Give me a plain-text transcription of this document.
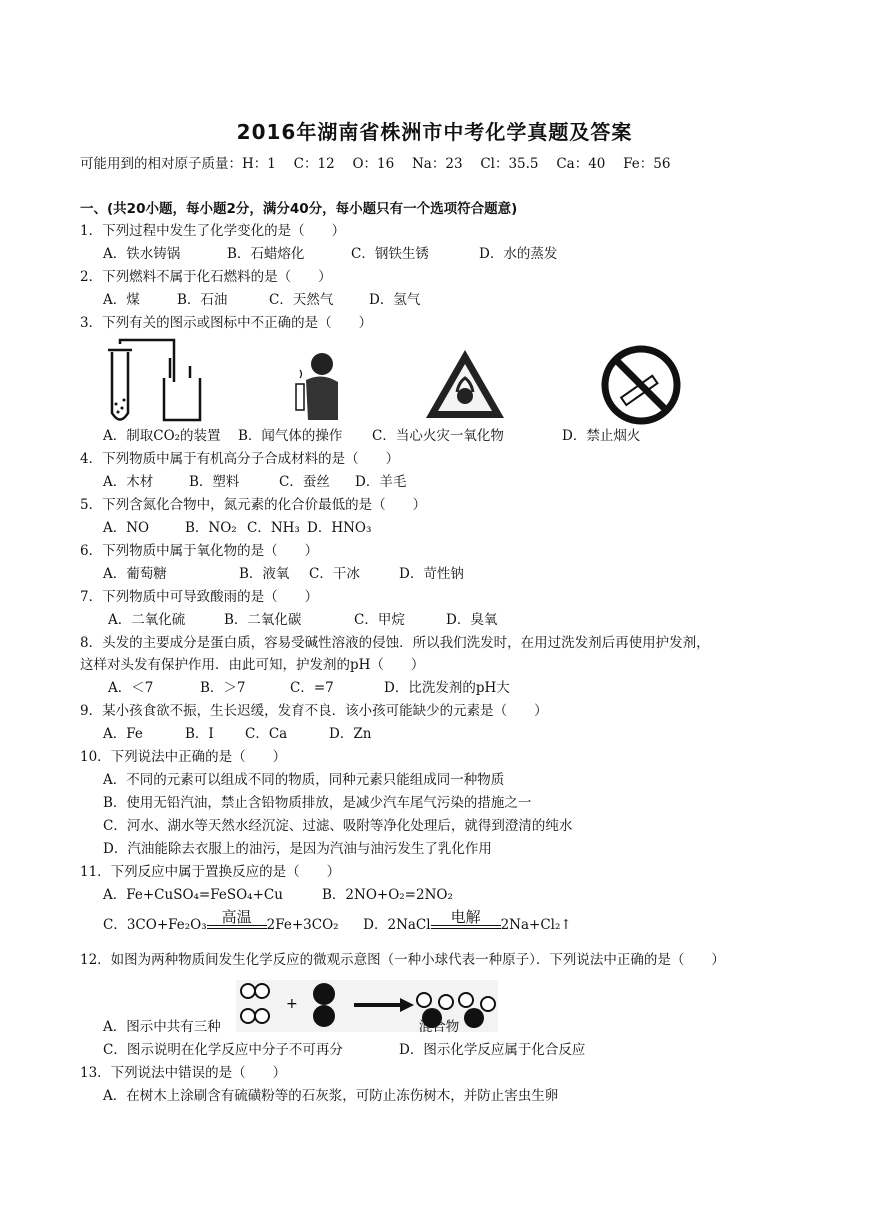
2016年湖南省株洲市中考化学真题及答案
可能用到的相对原子质量：H：1　 C：12　 O：16　 Na：23　 Cl：35.5　 Ca：40　 Fe：56
一、(共20小题，每小题2分，满分40分，每小题只有一个选项符合题意)
1．下列过程中发生了化学变化的是（　　）
A．铁水铸锅	B．石蜡熔化	C．钢铁生锈	D．水的蒸发
2．下列燃料不属于化石燃料的是（　　）
A．煤	B．石油	C．天然气	D．氢气
3．下列有关的图示或图标中不正确的是（　　）
A．制取CO₂的装置 B．闻气体的操作 C．当心火灾一氧化物	D．禁止烟火
4．下列物质中属于有机高分子合成材料的是（　　）
A．木材	B．塑料	C．蚕丝 D．羊毛
5．下列含氮化合物中，氮元素的化合价最低的是（　　）
A．NO	B．NO₂ C．NH₃ D．HNO₃
6．下列物质中属于氧化物的是（　　）
A．葡萄糖	B．液氧 C．干冰	D．苛性钠
7．下列物质中可导致酸雨的是（　　）
A．二氧化硫	B．二氧化碳	C．甲烷	D．臭氧
8．头发的主要成分是蛋白质，容易受碱性溶液的侵蚀．所以我们洗发时，在用过洗发剂后再使用护发剂，
这样对头发有保护作用．由此可知，护发剂的pH（　　）
A．＜7	B．＞7	C．=7	D．比洗发剂的pH大
9．某小孩食欲不振，生长迟缓，发育不良．该小孩可能缺少的元素是（　　）
A．Fe	B．I C．Ca	D．Zn
10．下列说法中正确的是（　　）
A．不同的元素可以组成不同的物质，同种元素只能组成同一种物质
B．使用无铅汽油，禁止含铅物质排放，是减少汽车尾气污染的措施之一
C．河水、湖水等天然水经沉淀、过滤、吸附等净化处理后，就得到澄清的纯水
D．汽油能除去衣服上的油污，是因为汽油与油污发生了乳化作用
11．下列反应中属于置换反应的是（　　）
A．Fe+CuSO₄=FeSO₄+Cu	B．2NO+O₂=2NO₂
C．3CO+Fe₂O₃ 高温	2Fe+3CO₂ D．2NaCl	电解	2Na+Cl₂↑
12．如图为两种物质间发生化学反应的微观示意图（一种小球代表一种原子）．下列说法中正确的是（　　）
+
A．图示中共有三种	混合物
C．图示说明在化学反应中分子不可再分	D．图示化学反应属于化合反应
13．下列说法中错误的是（　　）
A．在树木上涂刷含有硫磺粉等的石灰浆，可防止冻伤树木，并防止害虫生卵
